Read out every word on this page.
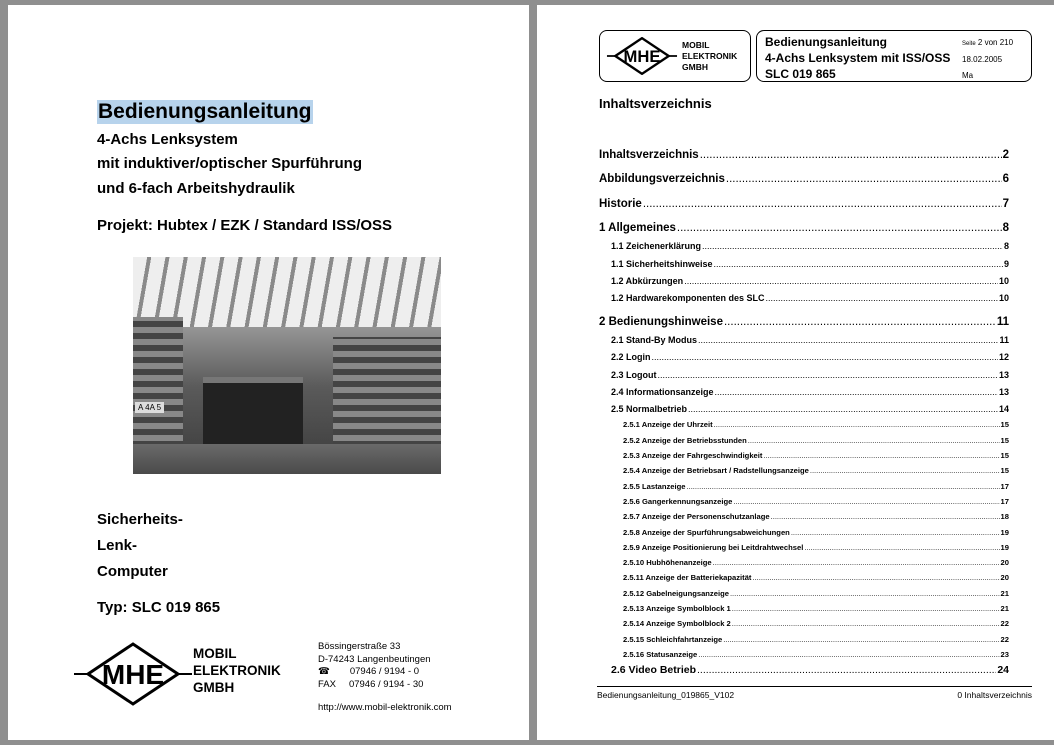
Bedienungsanleitung
4-Achs Lenksystem
mit induktiver/optischer Spurführung
und 6-fach Arbeitshydraulik
Projekt: Hubtex / EZK / Standard ISS/OSS
A 4A 5
Sicherheits-
Lenk-
Computer
Typ: SLC 019 865
MHE
MOBIL
ELEKTRONIK
GMBH
Bössingerstraße 33
D-74243 Langenbeutingen
☎ 07946 / 9194 - 0
FAX 07946 / 9194 - 30
http://www.mobil-elektronik.com
MHE
MOBIL
ELEKTRONIK
GMBH
Bedienungsanleitung
4-Achs Lenksystem mit ISS/OSS
SLC 019 865
Seite 2 von 210
18.02.2005
Ma
Inhaltsverzeichnis
Inhaltsverzeichnis .....	2
Abbildungsverzeichnis .....	6
Historie .....	7
1 Allgemeines .....	8
1.1 Zeichenerklärung .....	8
1.1 Sicherheitshinweise .....	9
1.2 Abkürzungen .....	10
1.2 Hardwarekomponenten des SLC .....	10
2 Bedienungshinweise .....	11
2.1 Stand-By Modus .....	11
2.2 Login .....	12
2.3 Logout .....	13
2.4 Informationsanzeige .....	13
2.5 Normalbetrieb .....	14
2.5.1 Anzeige der Uhrzeit .....	15
2.5.2 Anzeige der Betriebsstunden .....	15
2.5.3 Anzeige der Fahrgeschwindigkeit .....	15
2.5.4 Anzeige der Betriebsart / Radstellungsanzeige .....	15
2.5.5 Lastanzeige .....	17
2.5.6 Gangerkennungsanzeige .....	17
2.5.7 Anzeige der Personenschutzanlage .....	18
2.5.8 Anzeige der Spurführungsabweichungen .....	19
2.5.9 Anzeige Positionierung bei Leitdrahtwechsel .....	19
2.5.10 Hubhöhenanzeige .....	20
2.5.11 Anzeige der Batteriekapazität .....	20
2.5.12 Gabelneigungsanzeige .....	21
2.5.13 Anzeige Symbolblock 1 .....	21
2.5.14 Anzeige Symbolblock 2 .....	22
2.5.15 Schleichfahrtanzeige .....	22
2.5.16 Statusanzeige .....	23
2.6 Video Betrieb .....	24
Bedienungsanleitung_019865_V102	0 Inhaltsverzeichnis
